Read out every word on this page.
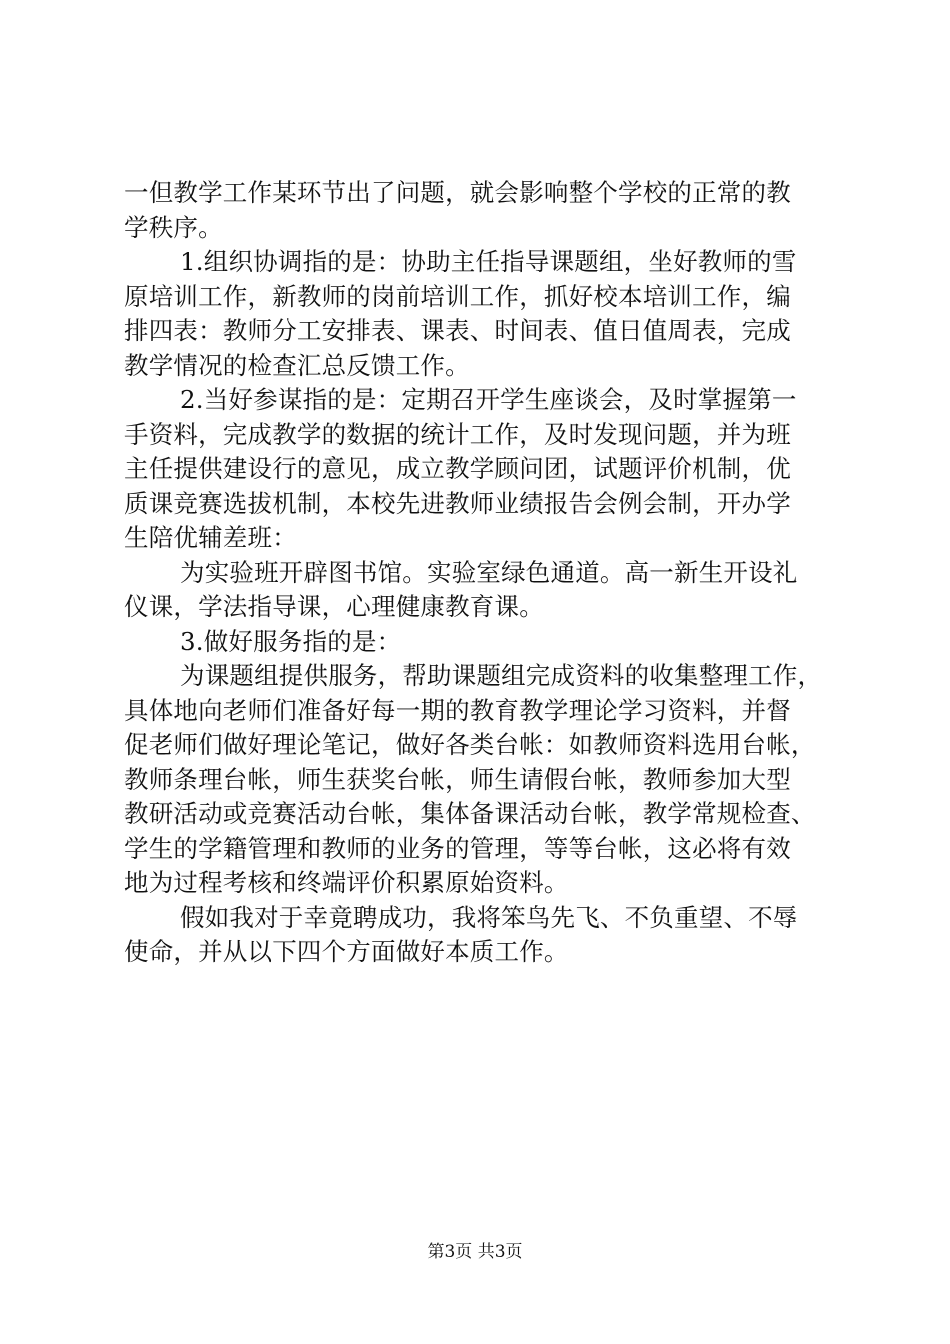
一但教学工作某环节出了问题，就会影响整个学校的正常的教
学秩序。
1.组织协调指的是：协助主任指导课题组，坐好教师的雪
原培训工作，新教师的岗前培训工作，抓好校本培训工作，编
排四表：教师分工安排表、课表、时间表、值日值周表，完成
教学情况的检查汇总反馈工作。
2.当好参谋指的是：定期召开学生座谈会，及时掌握第一
手资料，完成教学的数据的统计工作，及时发现问题，并为班
主任提供建设行的意见，成立教学顾问团，试题评价机制，优
质课竞赛选拔机制，本校先进教师业绩报告会例会制，开办学
生陪优辅差班：
为实验班开辟图书馆。实验室绿色通道。高一新生开设礼
仪课，学法指导课，心理健康教育课。
3.做好服务指的是：
为课题组提供服务，帮助课题组完成资料的收集整理工作，
具体地向老师们准备好每一期的教育教学理论学习资料，并督
促老师们做好理论笔记，做好各类台帐：如教师资料选用台帐，
教师条理台帐，师生获奖台帐，师生请假台帐，教师参加大型
教研活动或竞赛活动台帐，集体备课活动台帐，教学常规检查、
学生的学籍管理和教师的业务的管理，等等台帐，这必将有效
地为过程考核和终端评价积累原始资料。
假如我对于幸竟聘成功，我将笨鸟先飞、不负重望、不辱
使命，并从以下四个方面做好本质工作。
第3页 共3页
